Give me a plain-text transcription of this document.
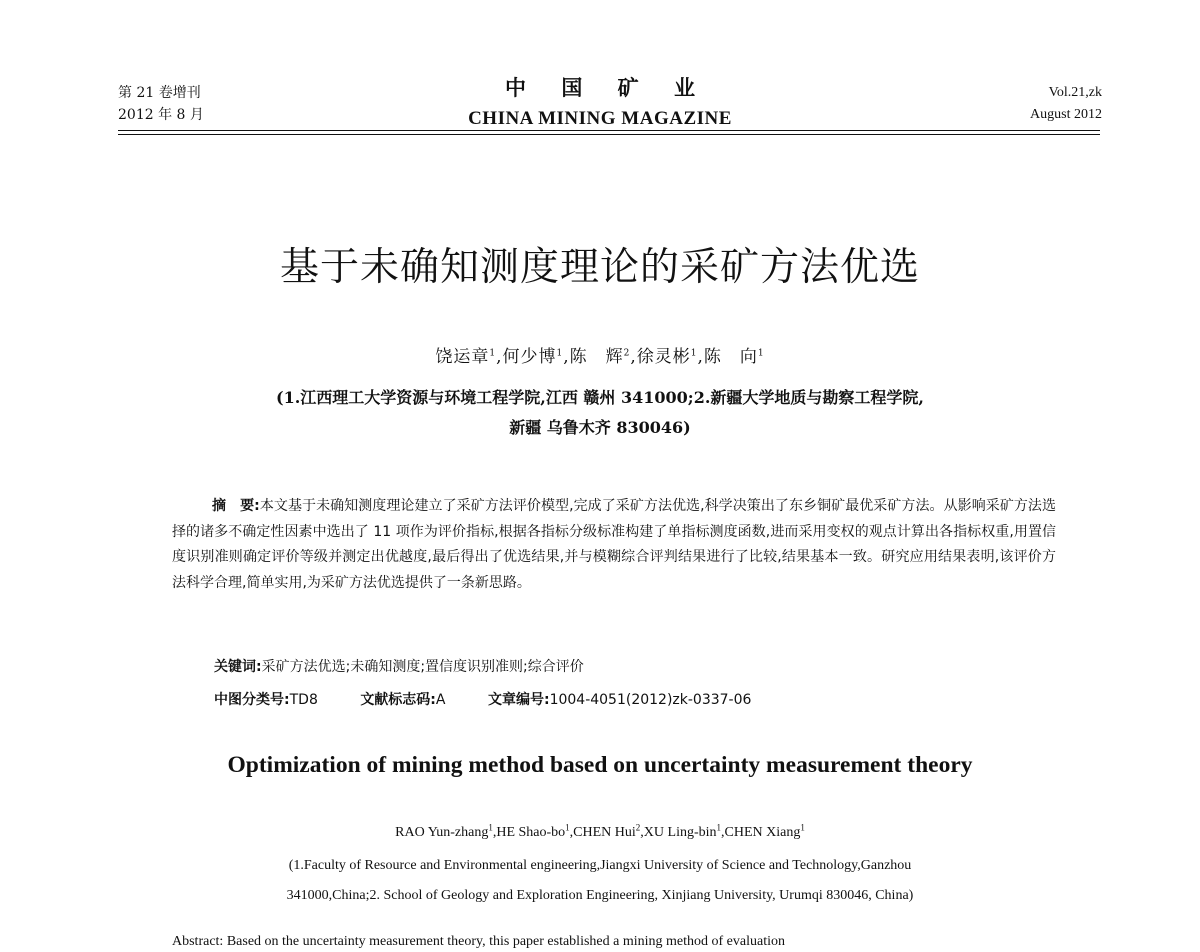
第 21 卷增刊
2012 年 8 月
中 国 矿 业
CHINA MINING MAGAZINE
Vol.21,zk
August 2012
基于未确知测度理论的采矿方法优选
饶运章$^1$,何少博$^1$,陈　辉$^2$,徐灵彬$^1$,陈　向$^1$
(1.江西理工大学资源与环境工程学院,江西 赣州 341000;2.新疆大学地质与勘察工程学院,
新疆 乌鲁木齐 830046)

摘　要:本文基于未确知测度理论建立了采矿方法评价模型,完成了采矿方法优选,科学决策出了东乡铜矿最优采矿方法。从影响采矿方法选择的诸多不确定性因素中选出了 11 项作为评价指标,根据各指标分级标准构建了单指标测度函数,进而采用变权的观点计算出各指标权重,用置信度识别准则确定评价等级并测定出优越度,最后得出了优选结果,并与模糊综合评判结果进行了比较,结果基本一致。研究应用结果表明,该评价方法科学合理,简单实用,为采矿方法优选提供了一条新思路。

关键词:采矿方法优选;未确知测度;置信度识别准则;综合评价
中图分类号:TD8	文献标志码:A	文章编号:1004-4051(2012)zk-0337-06
Optimization of mining method based on uncertainty measurement theory
RAO Yun-zhang$^1$,HE Shao-$bo^1,CHEN$ Hui$^2$,XU Ling-bin$^1$,CHEN Xiang$^1$
(1.Faculty of Resource and Environmental engineering,Jiangxi University of Science and Technology,Ganzhou
341000,China;2. School of Geology and Exploration Engineering, Xinjiang University, Urumqi 830046, China)
Abstract: Based on the uncertainty measurement theory, this paper established a mining method of evaluation
